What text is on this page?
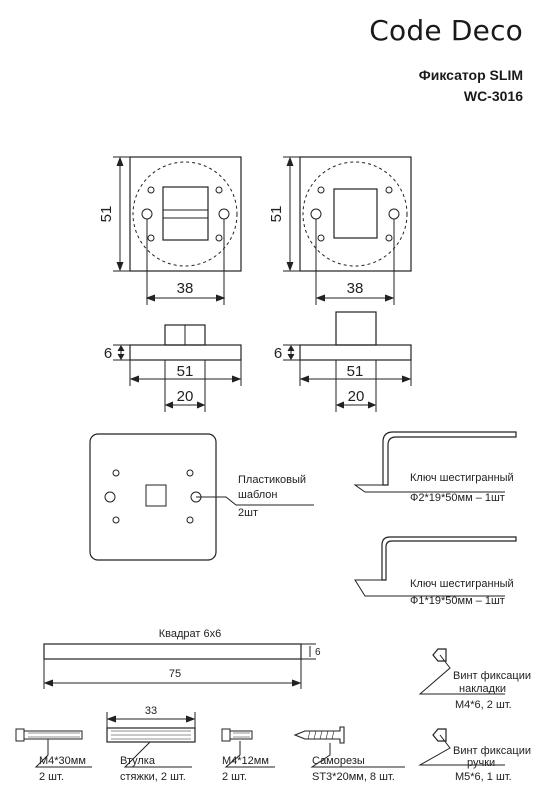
Code Deco
Фиксатор SLIM
WC-3016
51
38
51
38
6
51
20
6
51
20
Пластиковый
шаблон
2шт
Ключ шестигранный
Ф2*19*50мм – 1шт
Ключ шестигранный
Ф1*19*50мм – 1шт
Квадрат 6х6
6
75	Винт фиксации
накладки
М4*6, 2 шт.
Винт фиксации
ручки
М5*6, 1 шт.
М4*30мм
2 шт.
33
Втулка
стяжки, 2 шт.
М4*12мм
2 шт.
Саморезы
ST3*20мм, 8 шт.
